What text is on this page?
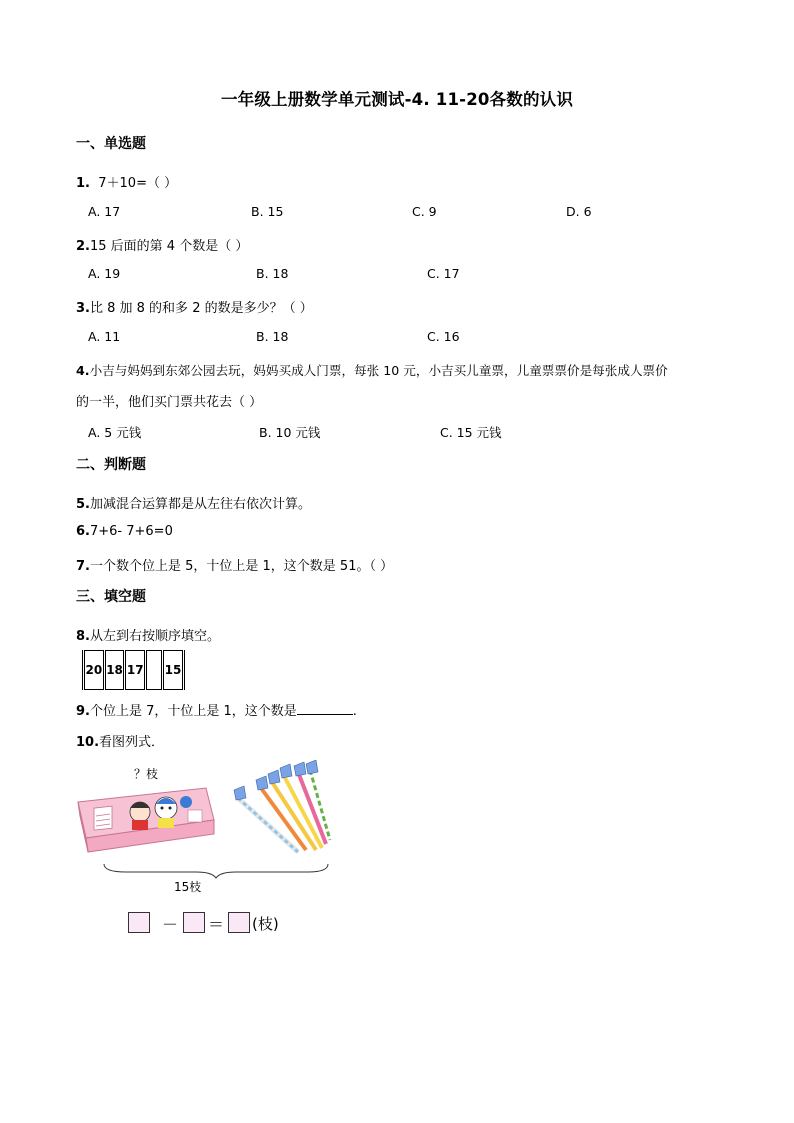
一年级上册数学单元测试-4. 11-20各数的认识
一、单选题
1. 7＋10=（ ）
A. 17	B. 15	C. 9	D. 6
2.15 后面的第 4 个数是（ ）
A. 19	B. 18	C. 17
3.比 8 加 8 的和多 2 的数是多少？（ ）
A. 11	B. 18	C. 16
4.小吉与妈妈到东郊公园去玩，妈妈买成人门票，每张 10 元，小吉买儿童票，儿童票票价是每张成人票价
的一半，他们买门票共花去（ ）
A. 5 元钱	B. 10 元钱	C. 15 元钱
二、判断题
5.加减混合运算都是从左往右依次计算。
6.7+6- 7+6=0
7.一个数个位上是 5，十位上是 1，这个数是 51。（ ）
三、填空题
8.从左到右按顺序填空。
20	18	17		15
9.个位上是 7，十位上是 1，这个数是	.
10.看图列式．
？枝
15枝
－ ＝ (枝)
